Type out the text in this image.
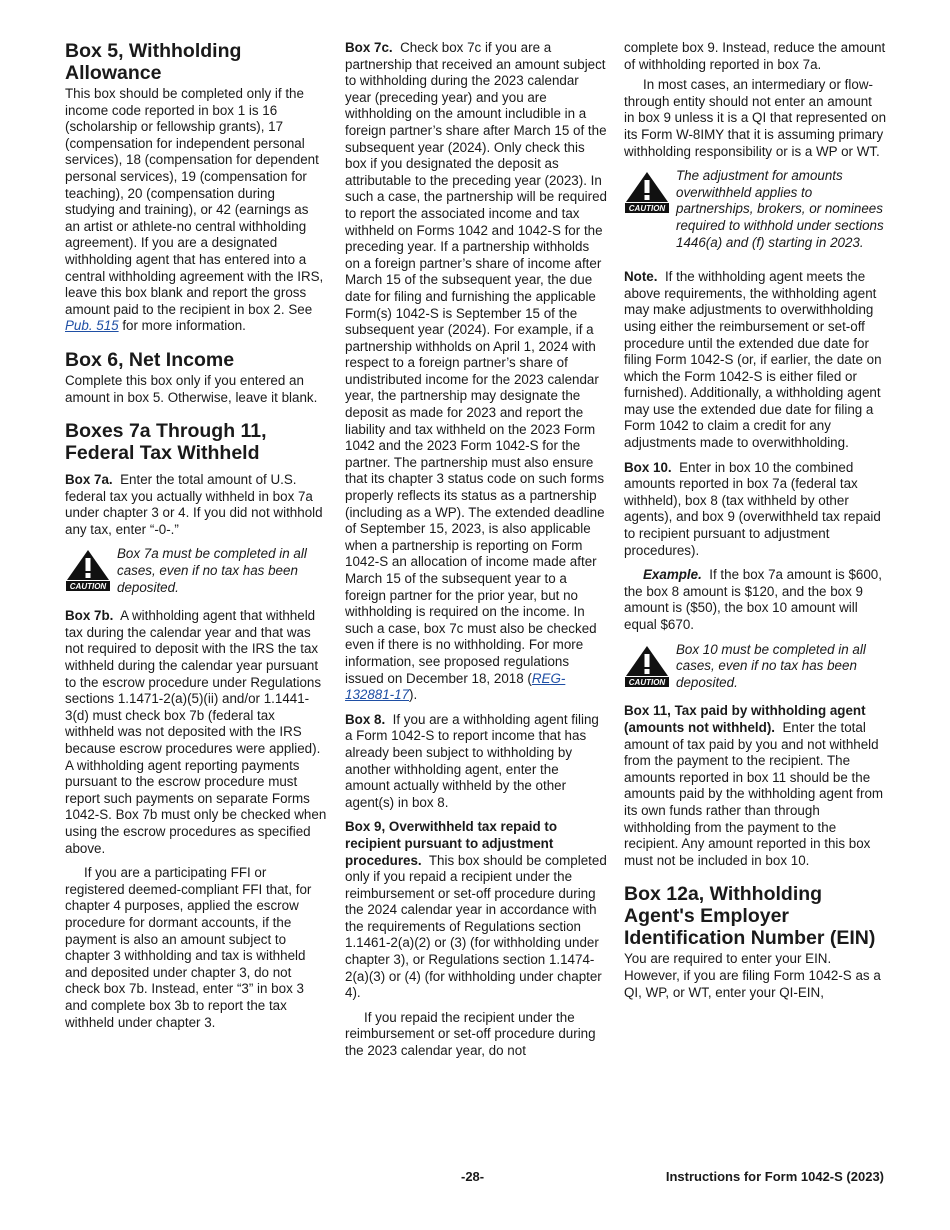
Box 5, Withholding Allowance

This box should be completed only if the income code reported in box 1 is 16 (scholarship or fellowship grants), 17 (compensation for independent personal services), 18 (compensation for dependent personal services), 19 (compensation for teaching), 20 (compensation during studying and training), or 42 (earnings as an artist or athlete-no central withholding agreement). If you are a designated withholding agent that has entered into a central withholding agreement with the IRS, leave this box blank and report the gross amount paid to the recipient in box 2. See Pub. 515 for more information.

Box 6, Net Income

Complete this box only if you entered an amount in box 5. Otherwise, leave it blank.

Boxes 7a Through 11, Federal Tax Withheld

Box 7a. Enter the total amount of U.S. federal tax you actually withheld in box 7a under chapter 3 or 4. If you did not withhold any tax, enter “-0-.”

CAUTION
Box 7a must be completed in all cases, even if no tax has been deposited.

Box 7b. A withholding agent that withheld tax during the calendar year and that was not required to deposit with the IRS the tax withheld during the calendar year pursuant to the escrow procedure under Regulations sections 1.1471-2(a)(5)(ii) and/or 1.1441-3(d) must check box 7b (federal tax withheld was not deposited with the IRS because escrow procedures were applied). A withholding agent reporting payments pursuant to the escrow procedure must report such payments on separate Forms 1042-S. Box 7b must only be checked when using the escrow procedures as specified above.

If you are a participating FFI or registered deemed-compliant FFI that, for chapter 4 purposes, applied the escrow procedure for dormant accounts, if the payment is also an amount subject to chapter 3 withholding and tax is withheld and deposited under chapter 3, do not check box 7b. Instead, enter “3” in box 3 and complete box 3b to report the tax withheld under chapter 3.

Box 7c. Check box 7c if you are a partnership that received an amount subject to withholding during the 2023 calendar year (preceding year) and you are withholding on the amount includible in a foreign partner’s share after March 15 of the subsequent year (2024). Only check this box if you designated the deposit as attributable to the preceding year (2023). In such a case, the partnership will be required to report the associated income and tax withheld on Forms 1042 and 1042-S for the preceding year. If a partnership withholds on a foreign partner’s share of income after March 15 of the subsequent year, the due date for filing and furnishing the applicable Form(s) 1042-S is September 15 of the subsequent year (2024). For example, if a partnership withholds on April 1, 2024 with respect to a foreign partner’s share of undistributed income for the 2023 calendar year, the partnership may designate the deposit as made for 2023 and report the liability and tax withheld on the 2023 Form 1042 and the 2023 Form 1042-S for the partner. The partnership must also ensure that its chapter 3 status code on such forms properly reflects its status as a partnership (including as a WP). The extended deadline of September 15, 2023, is also applicable when a partnership is reporting on Form 1042-S an allocation of income made after March 15 of the subsequent year to a foreign partner for the prior year, but no withholding is required on the income. In such a case, box 7c must also be checked even if there is no withholding. For more information, see proposed regulations issued on December 18, 2018 (REG-132881-17).

Box 8. If you are a withholding agent filing a Form 1042-S to report income that has already been subject to withholding by another withholding agent, enter the amount actually withheld by the other agent(s) in box 8.

Box 9, Overwithheld tax repaid to recipient pursuant to adjustment procedures. This box should be completed only if you repaid a recipient under the reimbursement or set-off procedure during the 2024 calendar year in accordance with the requirements of Regulations section 1.1461-2(a)(2) or (3) (for withholding under chapter 3), or Regulations section 1.1474-2(a)(3) or (4) (for withholding under chapter 4).

If you repaid the recipient under the reimbursement or set-off procedure during the 2023 calendar year, do not

complete box 9. Instead, reduce the amount of withholding reported in box 7a.

In most cases, an intermediary or flow-through entity should not enter an amount in box 9 unless it is a QI that represented on its Form W-8IMY that it is assuming primary withholding responsibility or is a WP or WT.

CAUTION
The adjustment for amounts overwithheld applies to partnerships, brokers, or nominees required to withhold under sections 1446(a) and (f) starting in 2023.

Note. If the withholding agent meets the above requirements, the withholding agent may make adjustments to overwithholding using either the reimbursement or set-off procedure until the extended due date for filing Form 1042-S (or, if earlier, the date on which the Form 1042-S is either filed or furnished). Additionally, a withholding agent may use the extended due date for filing a Form 1042 to claim a credit for any adjustments made to overwithholding.

Box 10. Enter in box 10 the combined amounts reported in box 7a (federal tax withheld), box 8 (tax withheld by other agents), and box 9 (overwithheld tax repaid to recipient pursuant to adjustment procedures).

Example. If the box 7a amount is $600, the box 8 amount is $120, and the box 9 amount is ($50), the box 10 amount will equal $670.

CAUTION
Box 10 must be completed in all cases, even if no tax has been deposited.

Box 11, Tax paid by withholding agent (amounts not withheld). Enter the total amount of tax paid by you and not withheld from the payment to the recipient. The amounts reported in box 11 should be the amounts paid by the withholding agent from its own funds rather than through withholding from the payment to the recipient. Any amount reported in this box must not be included in box 10.

Box 12a, Withholding Agent's Employer Identification Number (EIN)

You are required to enter your EIN. However, if you are filing Form 1042-S as a QI, WP, or WT, enter your QI-EIN,

-28-	Instructions for Form 1042-S (2023)
